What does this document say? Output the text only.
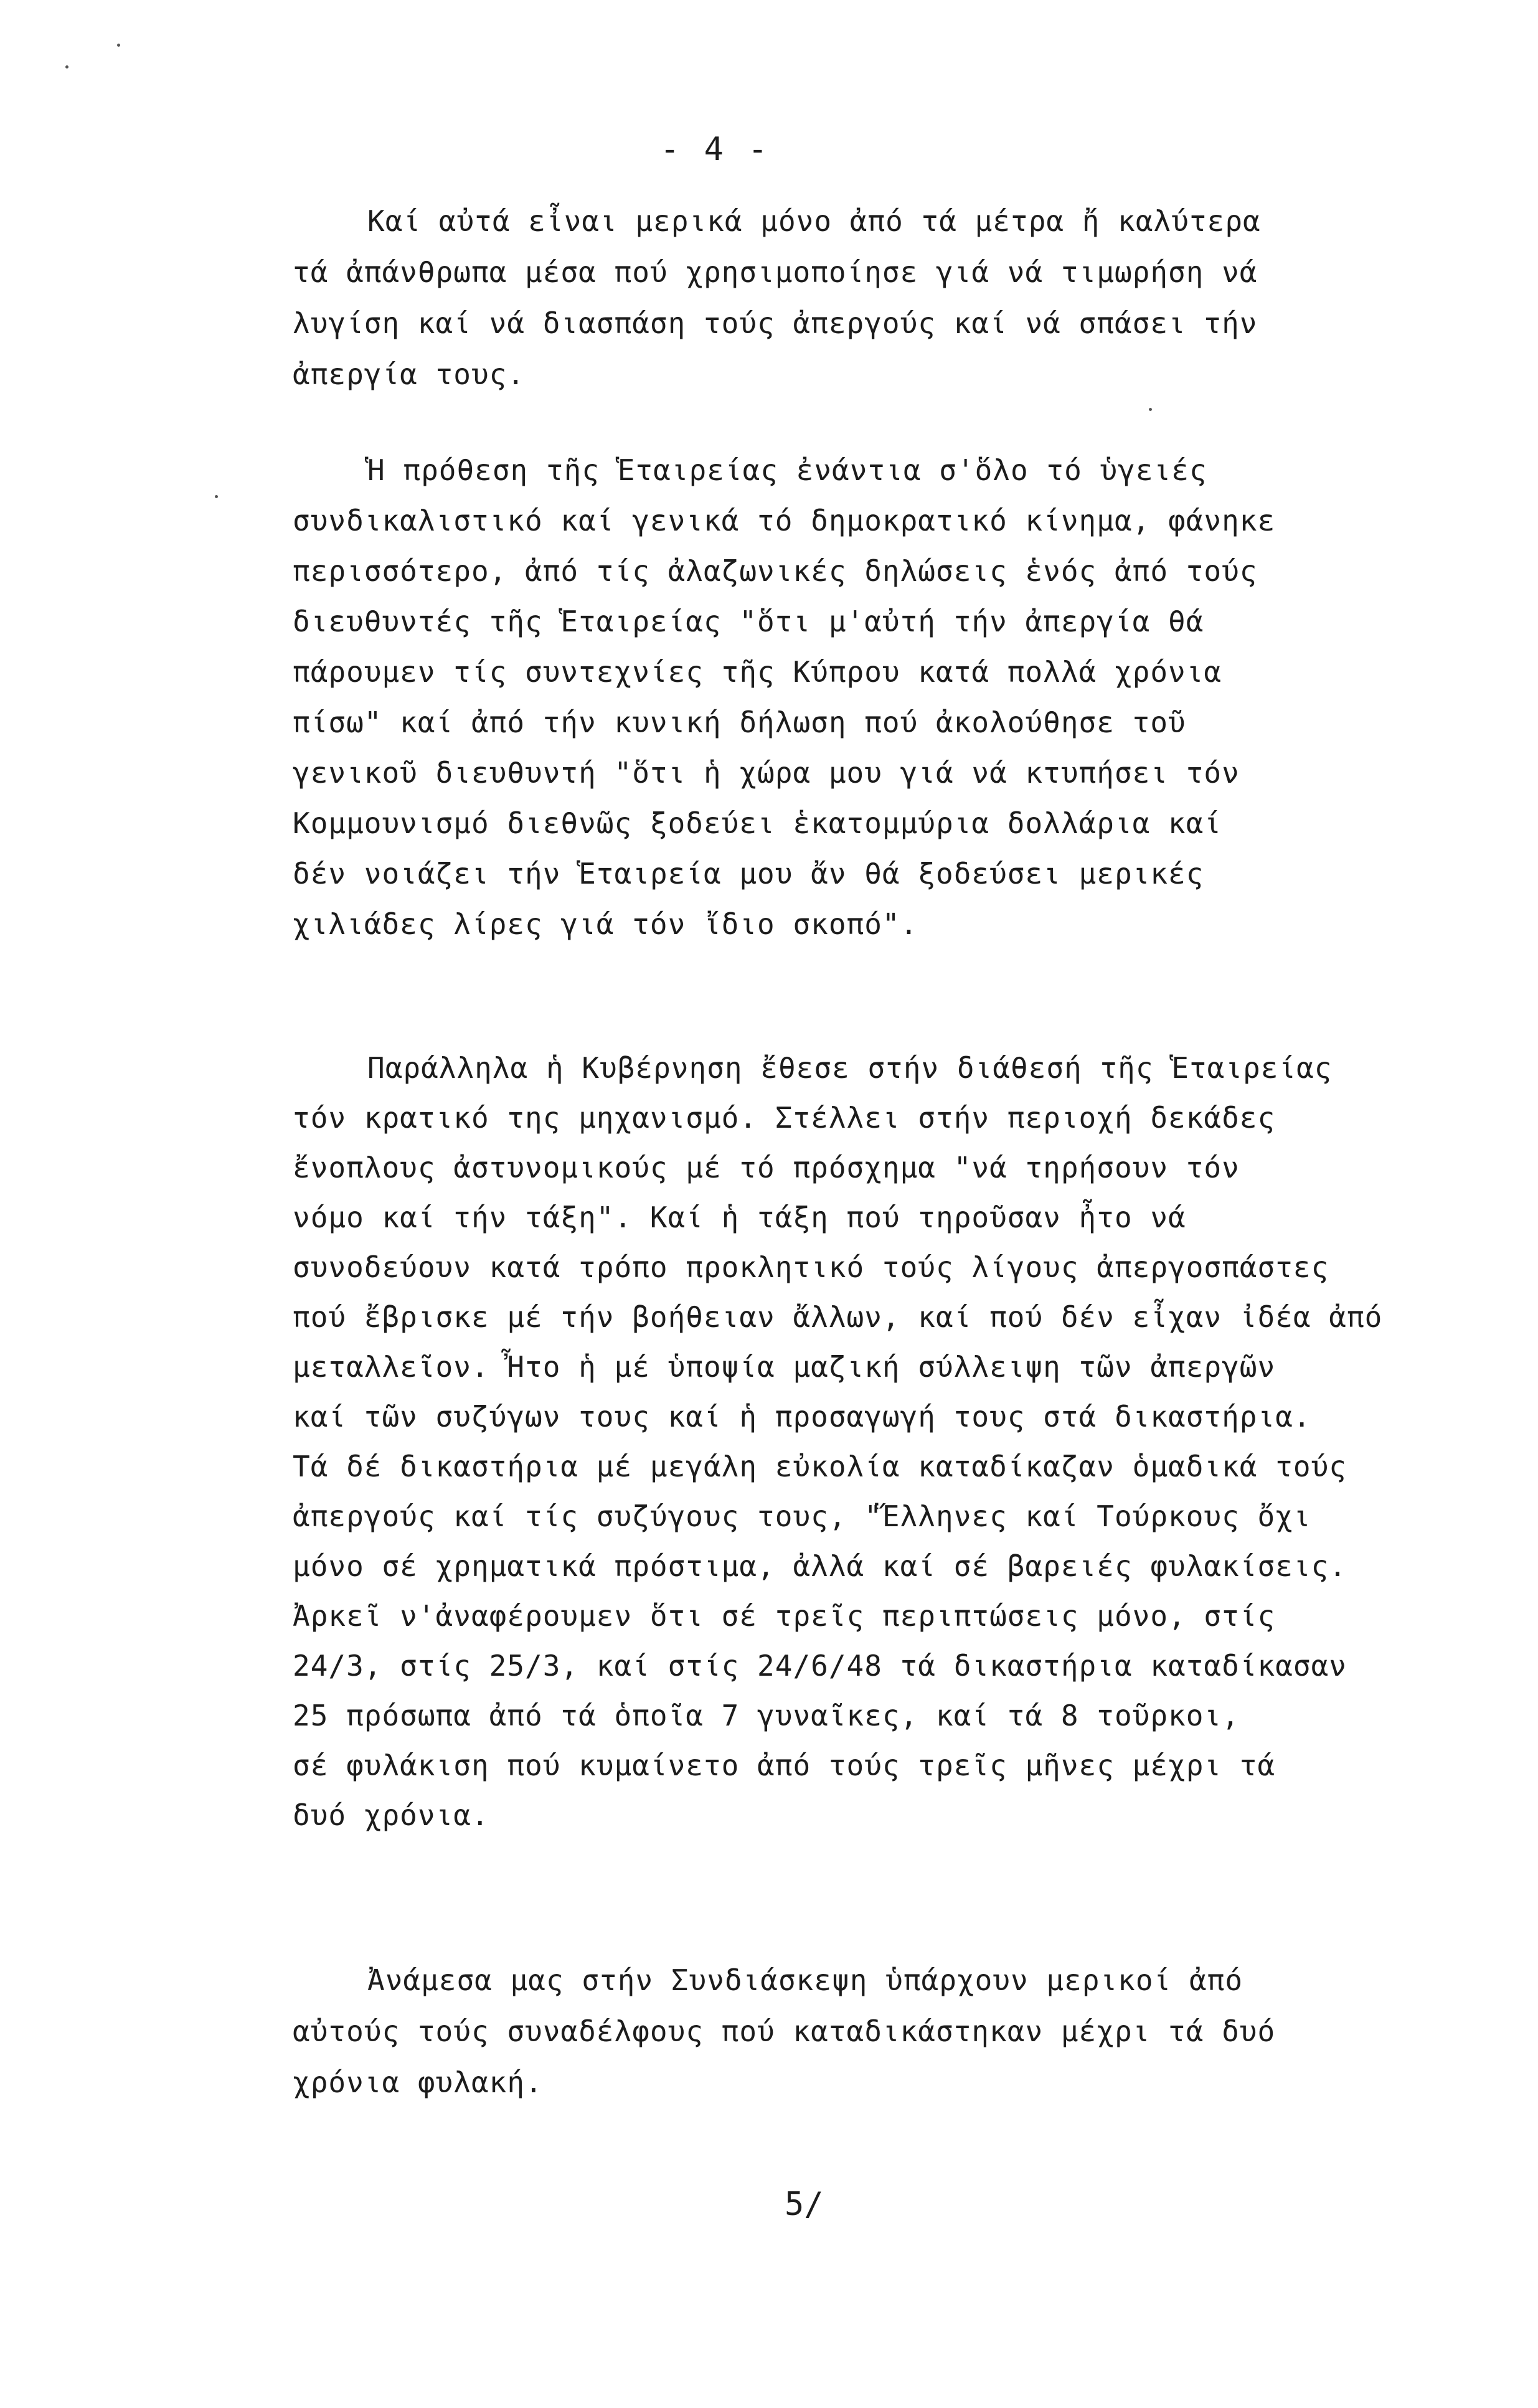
- 4 -
Καί αὐτά εἶναι μερικά μόνο ἀπό τά μέτρα ἤ καλύτερα
τά ἀπάνθρωπα μέσα πού χρησιμοποίησε γιά νά τιμωρήση νά
λυγίση καί νά διασπάση τούς ἀπεργούς καί νά σπάσει τήν
ἀπεργία τους.
Ἡ πρόθεση τῆς Ἑταιρείας ἐνάντια σ'ὅλο τό ὑγειές
συνδικαλιστικό καί γενικά τό δημοκρατικό κίνημα, φάνηκε
περισσότερο, ἀπό τίς ἀλαζωνικές δηλώσεις ἑνός ἀπό τούς
διευθυντές τῆς Ἑταιρείας "ὅτι μ'αὐτή τήν ἀπεργία θά
πάρουμεν τίς συντεχνίες τῆς Κύπρου κατά πολλά χρόνια
πίσω" καί ἀπό τήν κυνική δήλωση πού ἀκολούθησε τοῦ
γενικοῦ διευθυντή "ὅτι ἡ χώρα μου γιά νά κτυπήσει τόν
Κομμουνισμό διεθνῶς ξοδεύει ἑκατομμύρια δολλάρια καί
δέν νοιάζει τήν Ἑταιρεία μου ἄν θά ξοδεύσει μερικές
χιλιάδες λίρες γιά τόν ἴδιο σκοπό".
Παράλληλα ἡ Κυβέρνηση ἔθεσε στήν διάθεσή τῆς Ἑταιρείας
τόν κρατικό της μηχανισμό. Στέλλει στήν περιοχή δεκάδες
ἔνοπλους ἀστυνομικούς μέ τό πρόσχημα "νά τηρήσουν τόν
νόμο καί τήν τάξη". Καί ἡ τάξη πού τηροῦσαν ἦτο νά
συνοδεύουν κατά τρόπο προκλητικό τούς λίγους ἀπεργοσπάστες
πού ἔβρισκε μέ τήν βοήθειαν ἄλλων, καί πού δέν εἶχαν ἰδέα ἀπό
μεταλλεῖον. Ἦτο ἡ μέ ὑποψία μαζική σύλλειψη τῶν ἀπεργῶν
καί τῶν συζύγων τους καί ἡ προσαγωγή τους στά δικαστήρια.
Τά δέ δικαστήρια μέ μεγάλη εὐκολία καταδίκαζαν ὁμαδικά τούς
ἀπεργούς καί τίς συζύγους τους, "Ἕλληνες καί Τούρκους ὄχι
μόνο σέ χρηματικά πρόστιμα, ἀλλά καί σέ βαρειές φυλακίσεις.
Ἀρκεῖ ν'ἀναφέρουμεν ὅτι σέ τρεῖς περιπτώσεις μόνο, στίς
24/3, στίς 25/3, καί στίς 24/6/48 τά δικαστήρια καταδίκασαν
25 πρόσωπα ἀπό τά ὁποῖα 7 γυναῖκες, καί τά 8 τοῦρκοι,
σέ φυλάκιση πού κυμαίνετο ἀπό τούς τρεῖς μῆνες μέχρι τά
δυό χρόνια.
Ἀνάμεσα μας στήν Συνδιάσκεψη ὑπάρχουν μερικοί ἀπό
αὐτούς τούς συναδέλφους πού καταδικάστηκαν μέχρι τά δυό
χρόνια φυλακή.
5/
